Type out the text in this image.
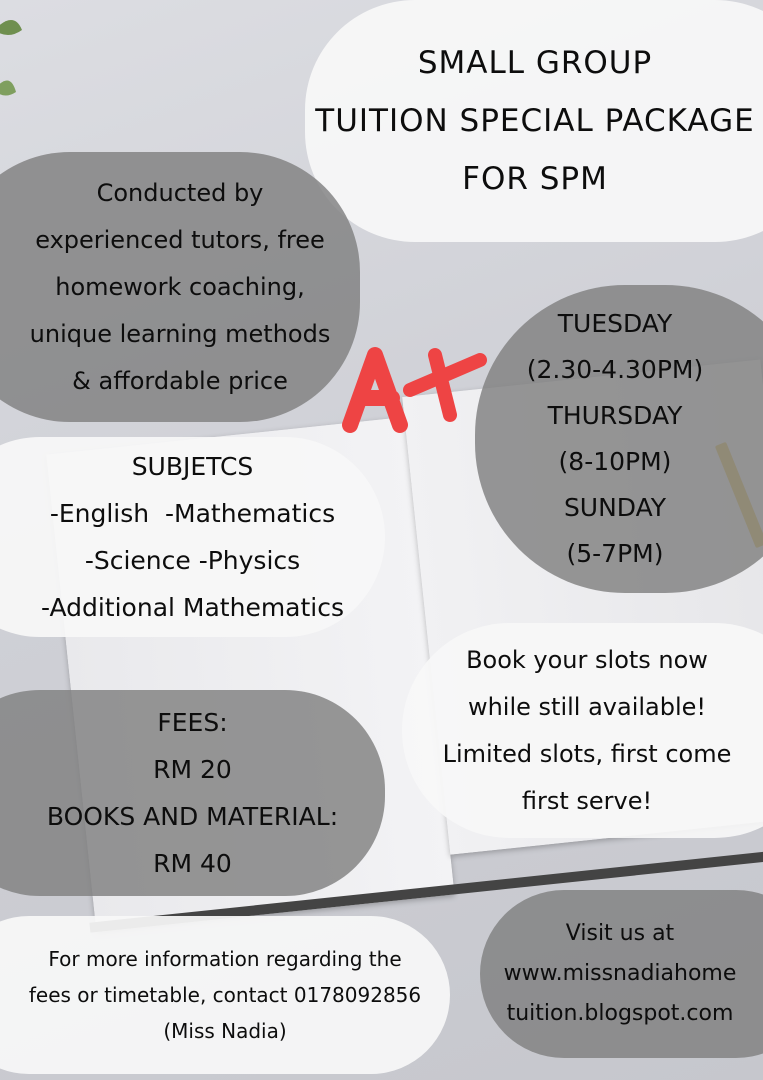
SMALL GROUP
TUITION SPECIAL PACKAGE
FOR SPM
Conducted by
experienced tutors, free
homework coaching,
unique learning methods
& affordable price
TUESDAY
(2.30-4.30PM)
THURSDAY
(8-10PM)
SUNDAY
(5-7PM)
SUBJETCS
-English  -Mathematics
-Science -Physics
-Additional Mathematics
Book your slots now
while still available!
Limited slots, first come
first serve!
FEES:
RM 20
BOOKS AND MATERIAL:
RM 40
For more information regarding the
fees or timetable, contact 0178092856
(Miss Nadia)
Visit us at
www.missnadiahome
tuition.blogspot.com
